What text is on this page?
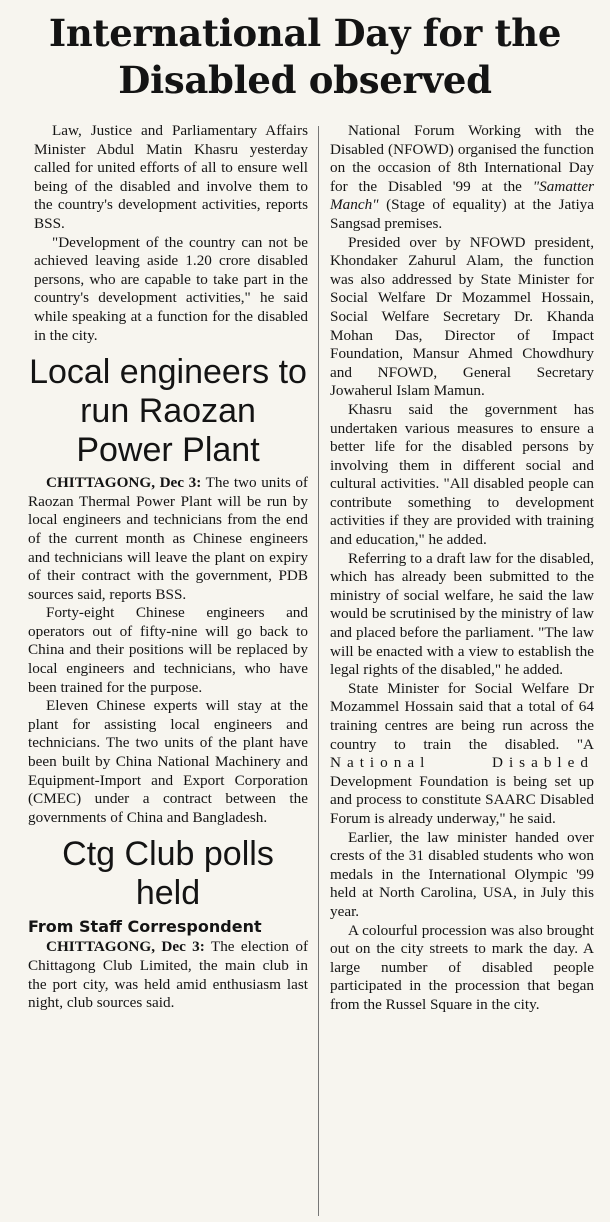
International Day for the
Disabled observed

Law, Justice and Parliamentary Affairs Minister Abdul Matin Khasru yesterday called for united efforts of all to ensure well being of the disabled and involve them to the country's development activities, reports BSS.

"Development of the country can not be achieved leaving aside 1.20 crore disabled persons, who are capable to take part in the country's development activities," he said while speaking at a function for the disabled in the city.

Local engineers to run Raozan Power Plant

CHITTAGONG, Dec 3: The two units of Raozan Thermal Power Plant will be run by local engineers and technicians from the end of the current month as Chinese engineers and technicians will leave the plant on expiry of their contract with the government, PDB sources said, reports BSS.

Forty-eight Chinese engineers and operators out of fifty-nine will go back to China and their positions will be replaced by local engineers and technicians, who have been trained for the purpose.

Eleven Chinese experts will stay at the plant for assisting local engineers and technicians. The two units of the plant have been built by China National Machinery and Equipment-Import and Export Corporation (CMEC) under a contract between the governments of China and Bangladesh.

Ctg Club polls held
From Staff Correspondent

CHITTAGONG, Dec 3: The election of Chittagong Club Limited, the main club in the port city, was held amid enthusiasm last night, club sources said.

National Forum Working with the Disabled (NFOWD) organised the function on the occasion of 8th International Day for the Disabled '99 at the "Samatter Manch" (Stage of equality) at the Jatiya Sangsad premises.

Presided over by NFOWD president, Khondaker Zahurul Alam, the function was also addressed by State Minister for Social Welfare Dr Mozammel Hossain, Social Welfare Secretary Dr. Khanda Mohan Das, Director of Impact Foundation, Mansur Ahmed Chowdhury and NFOWD, General Secretary Jowaherul Islam Mamun.

Khasru said the government has undertaken various measures to ensure a better life for the disabled persons by involving them in different social and cultural activities. "All disabled people can contribute something to development activities if they are provided with training and education," he added.

Referring to a draft law for the disabled, which has already been submitted to the ministry of social welfare, he said the law would be scrutinised by the ministry of law and placed before the parliament. "The law will be enacted with a view to establish the legal rights of the disabled," he added.

State Minister for Social Welfare Dr Mozammel Hossain said that a total of 64 training centres are being run across the country to train the disabled. "A National Disabled Development Foundation is being set up and process to constitute SAARC Disabled Forum is already underway," he said.

Earlier, the law minister handed over crests of the 31 disabled students who won medals in the International Olympic '99 held at North Carolina, USA, in July this year.

A colourful procession was also brought out on the city streets to mark the day. A large number of disabled people participated in the procession that began from the Russel Square in the city.
